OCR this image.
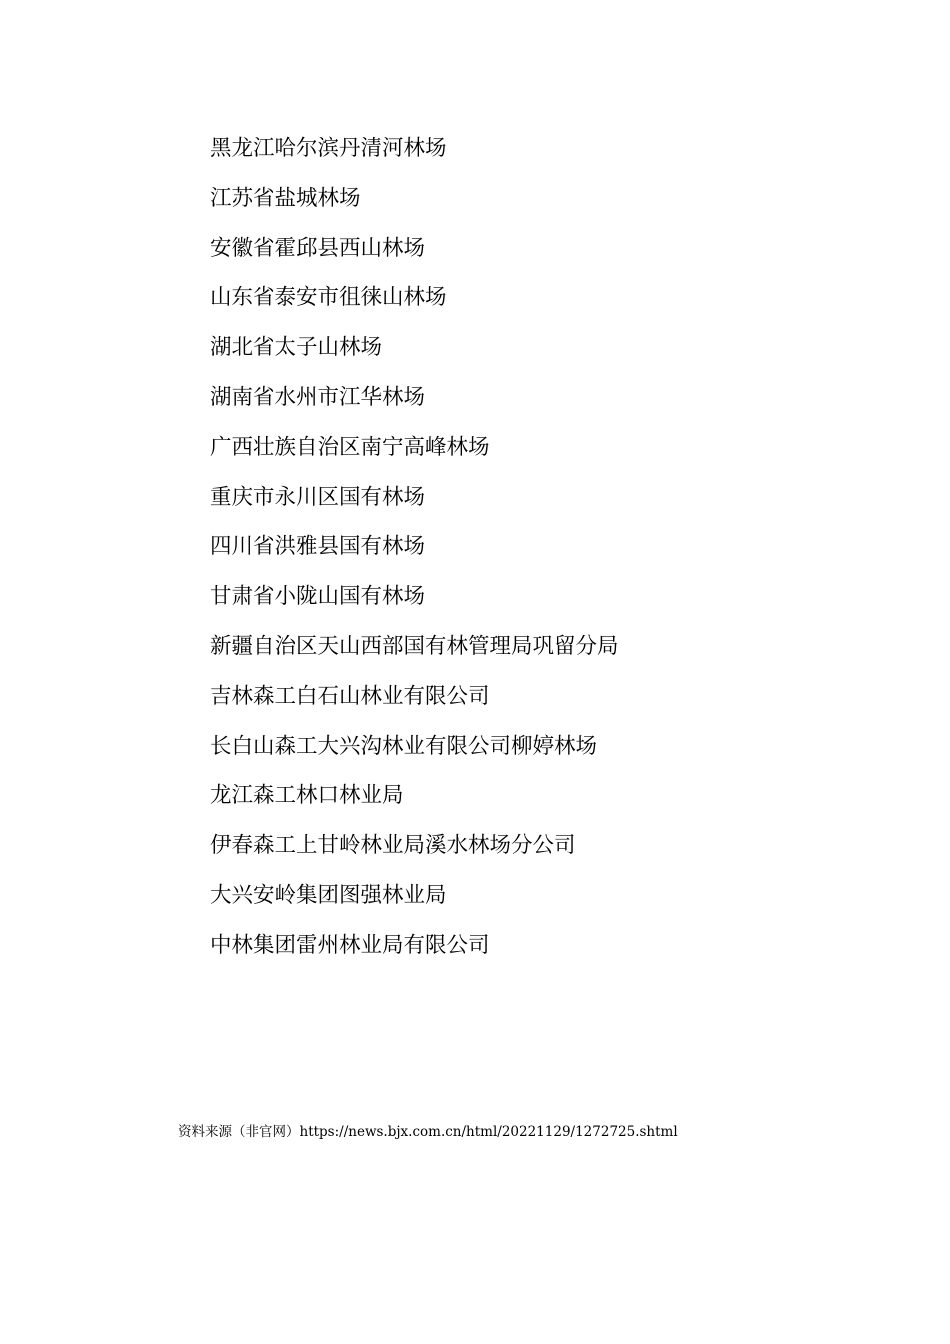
黑龙江哈尔滨丹清河林场
江苏省盐城林场
安徽省霍邱县西山林场
山东省泰安市徂徕山林场
湖北省太子山林场
湖南省水州市江华林场
广西壮族自治区南宁高峰林场
重庆市永川区国有林场
四川省洪雅县国有林场
甘肃省小陇山国有林场
新疆自治区天山西部国有林管理局巩留分局
吉林森工白石山林业有限公司
长白山森工大兴沟林业有限公司柳婷林场
龙江森工林口林业局
伊春森工上甘岭林业局溪水林场分公司
大兴安岭集团图强林业局
中林集团雷州林业局有限公司
资料来源（非官网）https://news.bjx.com.cn/html/20221129/1272725.shtml
